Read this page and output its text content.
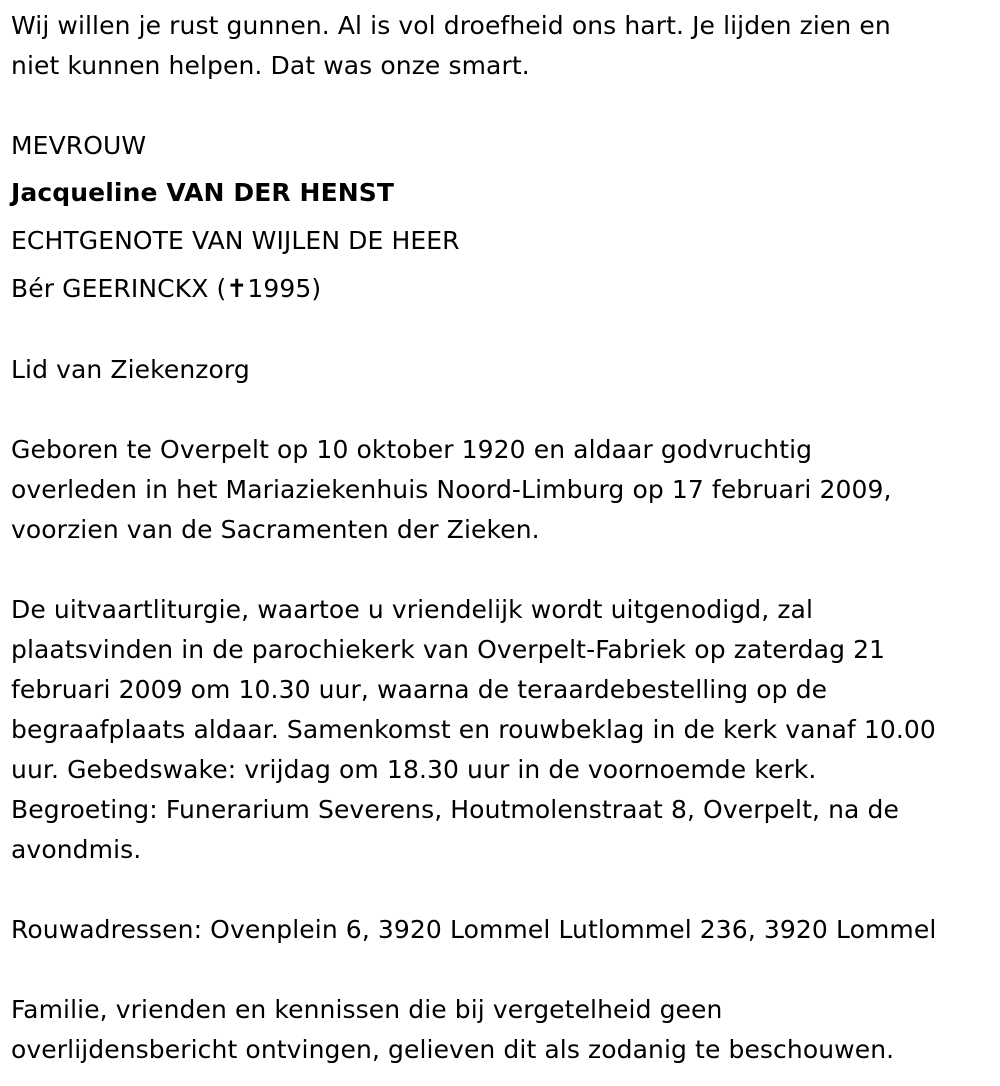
Wij willen je rust gunnen. Al is vol droefheid ons hart. Je lijden zien en
niet kunnen helpen. Dat was onze smart.
MEVROUW
Jacqueline VAN DER HENST
ECHTGENOTE VAN WIJLEN DE HEER
Bér GEERINCKX (✝1995)
Lid van Ziekenzorg
Geboren te Overpelt op 10 oktober 1920 en aldaar godvruchtig
overleden in het Mariaziekenhuis Noord-Limburg op 17 februari 2009,
voorzien van de Sacramenten der Zieken.
De uitvaartliturgie, waartoe u vriendelijk wordt uitgenodigd, zal
plaatsvinden in de parochiekerk van Overpelt-Fabriek op zaterdag 21
februari 2009 om 10.30 uur, waarna de teraardebestelling op de
begraafplaats aldaar. Samenkomst en rouwbeklag in de kerk vanaf 10.00
uur. Gebedswake: vrijdag om 18.30 uur in de voornoemde kerk.
Begroeting: Funerarium Severens, Houtmolenstraat 8, Overpelt, na de
avondmis.
Rouwadressen: Ovenplein 6, 3920 Lommel Lutlommel 236, 3920 Lommel
Familie, vrienden en kennissen die bij vergetelheid geen
overlijdensbericht ontvingen, gelieven dit als zodanig te beschouwen.
